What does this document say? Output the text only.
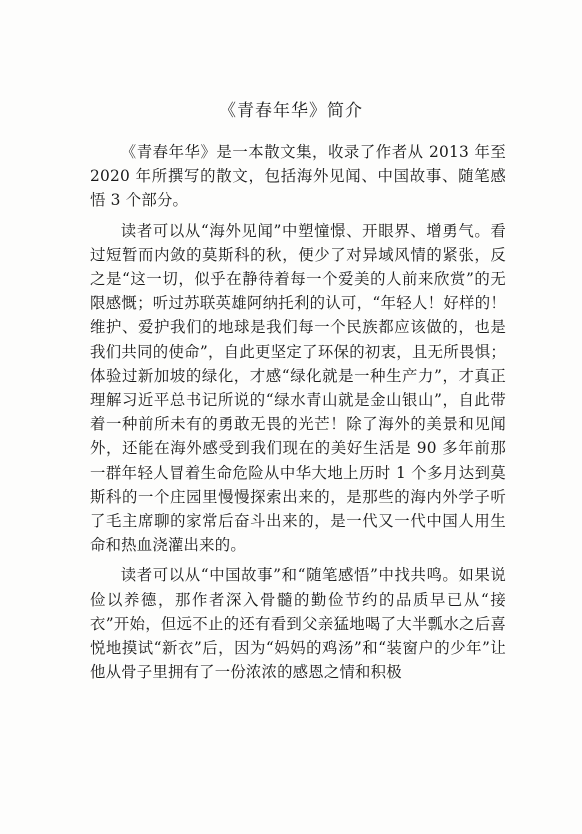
《青春年华》简介

《青春年华》是一本散文集，收录了作者从 2013 年至 2020 年所撰写的散文，包括海外见闻、中国故事、随笔感悟 3 个部分。

读者可以从“海外见闻”中塑憧憬、开眼界、增勇气。看过短暂而内敛的莫斯科的秋，便少了对异域风情的紧张，反之是“这一切，似乎在静待着每一个爱美的人前来欣赏”的无限感慨；听过苏联英雄阿纳托利的认可，“年轻人！好样的！维护、爱护我们的地球是我们每一个民族都应该做的，也是我们共同的使命”，自此更坚定了环保的初衷，且无所畏惧；体验过新加坡的绿化，才感“绿化就是一种生产力”，才真正理解习近平总书记所说的“绿水青山就是金山银山”，自此带着一种前所未有的勇敢无畏的光芒！除了海外的美景和见闻外，还能在海外感受到我们现在的美好生活是 90 多年前那一群年轻人冒着生命危险从中华大地上历时 1 个多月达到莫斯科的一个庄园里慢慢探索出来的，是那些的海内外学子听了毛主席聊的家常后奋斗出来的，是一代又一代中国人用生命和热血浇灌出来的。

读者可以从“中国故事”和“随笔感悟”中找共鸣。如果说俭以养德，那作者深入骨髓的勤俭节约的品质早已从“接衣”开始，但远不止的还有看到父亲猛地喝了大半瓢水之后喜悦地摸试“新衣”后，因为“妈妈的鸡汤”和“装窗户的少年”让他从骨子里拥有了一份浓浓的感恩之情和积极
